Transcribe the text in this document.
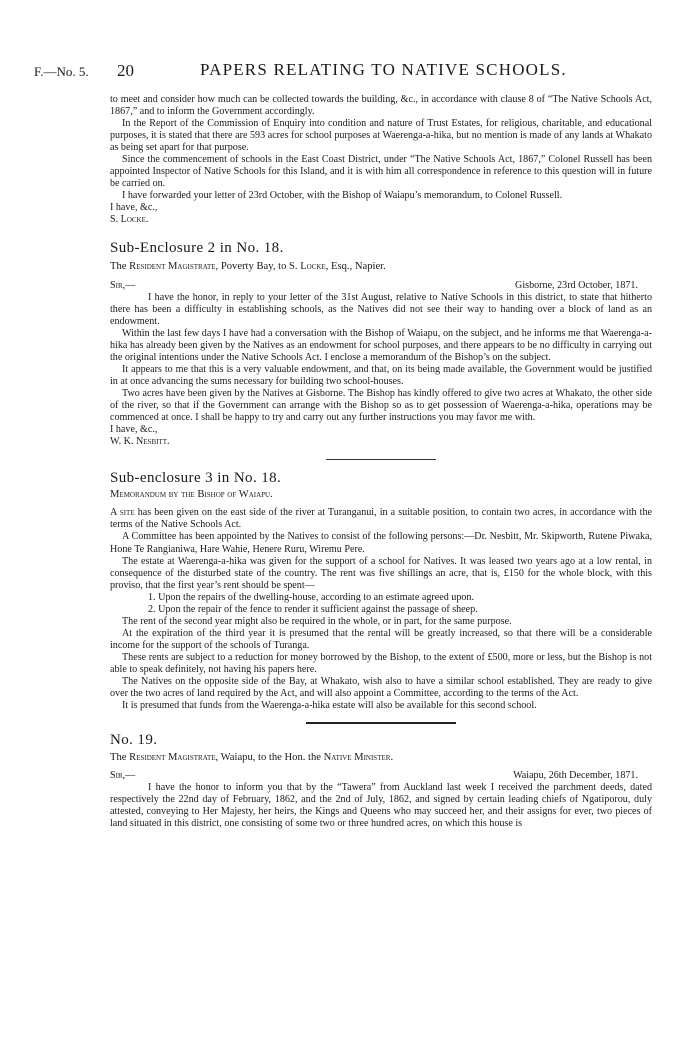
F.—No. 5. 20	PAPERS RELATING TO NATIVE SCHOOLS.

to meet and consider how much can be collected towards the building, &c., in accordance with clause 8 of “The Native Schools Act, 1867,” and to inform the Government accordingly.

In the Report of the Commission of Enquiry into condition and nature of Trust Estates, for religious, charitable, and educational purposes, it is stated that there are 593 acres for school purposes at Waerenga-a-hika, but no mention is made of any lands at Whakato as being set apart for that purpose.

Since the commencement of schools in the East Coast District, under “The Native Schools Act, 1867,” Colonel Russell has been appointed Inspector of Native Schools for this Island, and it is with him all correspondence in reference to this question will in future be carried on.

I have forwarded your letter of 23rd October, with the Bishop of Waiapu’s memorandum, to Colonel Russell.

I have, &c.,

S. Locke.

Sub-Enclosure 2 in No. 18.

The Resident Magistrate, Poverty Bay, to S. Locke, Esq., Napier.

Sir,—	Gisborne, 23rd October, 1871.

I have the honor, in reply to your letter of the 31st August, relative to Native Schools in this district, to state that hitherto there has been a difficulty in establishing schools, as the Natives did not see their way to handing over a block of land as an endowment.

Within the last few days I have had a conversation with the Bishop of Waiapu, on the subject, and he informs me that Waerenga-a-hika has already been given by the Natives as an endowment for school purposes, and there appears to be no difficulty in carrying out the original intentions under the Native Schools Act. I enclose a memorandum of the Bishop’s on the subject.

It appears to me that this is a very valuable endowment, and that, on its being made available, the Government would be justified in at once advancing the sums necessary for building two school-houses.

Two acres have been given by the Natives at Gisborne. The Bishop has kindly offered to give two acres at Whakato, the other side of the river, so that if the Government can arrange with the Bishop so as to get possession of Waerenga-a-hika, operations may be commenced at once. I shall be happy to try and carry out any further instructions you may favor me with.

I have, &c.,

W. K. Nesbitt.

Sub-enclosure 3 in No. 18.

Memorandum by the Bishop of Waiapu.

A site has been given on the east side of the river at Turanganui, in a suitable position, to contain two acres, in accordance with the terms of the Native Schools Act.

A Committee has been appointed by the Natives to consist of the following persons:—Dr. Nesbitt, Mr. Skipworth, Rutene Piwaka, Hone Te Rangianiwa, Hare Wahie, Henere Ruru, Wiremu Pere.

The estate at Waerenga-a-hika was given for the support of a school for Natives. It was leased two years ago at a low rental, in consequence of the disturbed state of the country. The rent was five shillings an acre, that is, £150 for the whole block, with this proviso, that the first year’s rent should be spent—

1. Upon the repairs of the dwelling-house, according to an estimate agreed upon.

2. Upon the repair of the fence to render it sufficient against the passage of sheep.

The rent of the second year might also be required in the whole, or in part, for the same purpose.

At the expiration of the third year it is presumed that the rental will be greatly increased, so that there will be a considerable income for the support of the schools of Turanga.

These rents are subject to a reduction for money borrowed by the Bishop, to the extent of £500, more or less, but the Bishop is not able to speak definitely, not having his papers here.

The Natives on the opposite side of the Bay, at Whakato, wish also to have a similar school established. They are ready to give over the two acres of land required by the Act, and will also appoint a Committee, according to the terms of the Act.

It is presumed that funds from the Waerenga-a-hika estate will also be available for this second school.

No. 19.

The Resident Magistrate, Waiapu, to the Hon. the Native Minister.

Sir,—	Waiapu, 26th December, 1871.

I have the honor to inform you that by the “Tawera” from Auckland last week I received the parchment deeds, dated respectively the 22nd day of February, 1862, and the 2nd of July, 1862, and signed by certain leading chiefs of Ngatiporou, duly attested, conveying to Her Majesty, her heirs, the Kings and Queens who may succeed her, and their assigns for ever, two pieces of land situated in this district, one consisting of some two or three hundred acres, on which this house is
